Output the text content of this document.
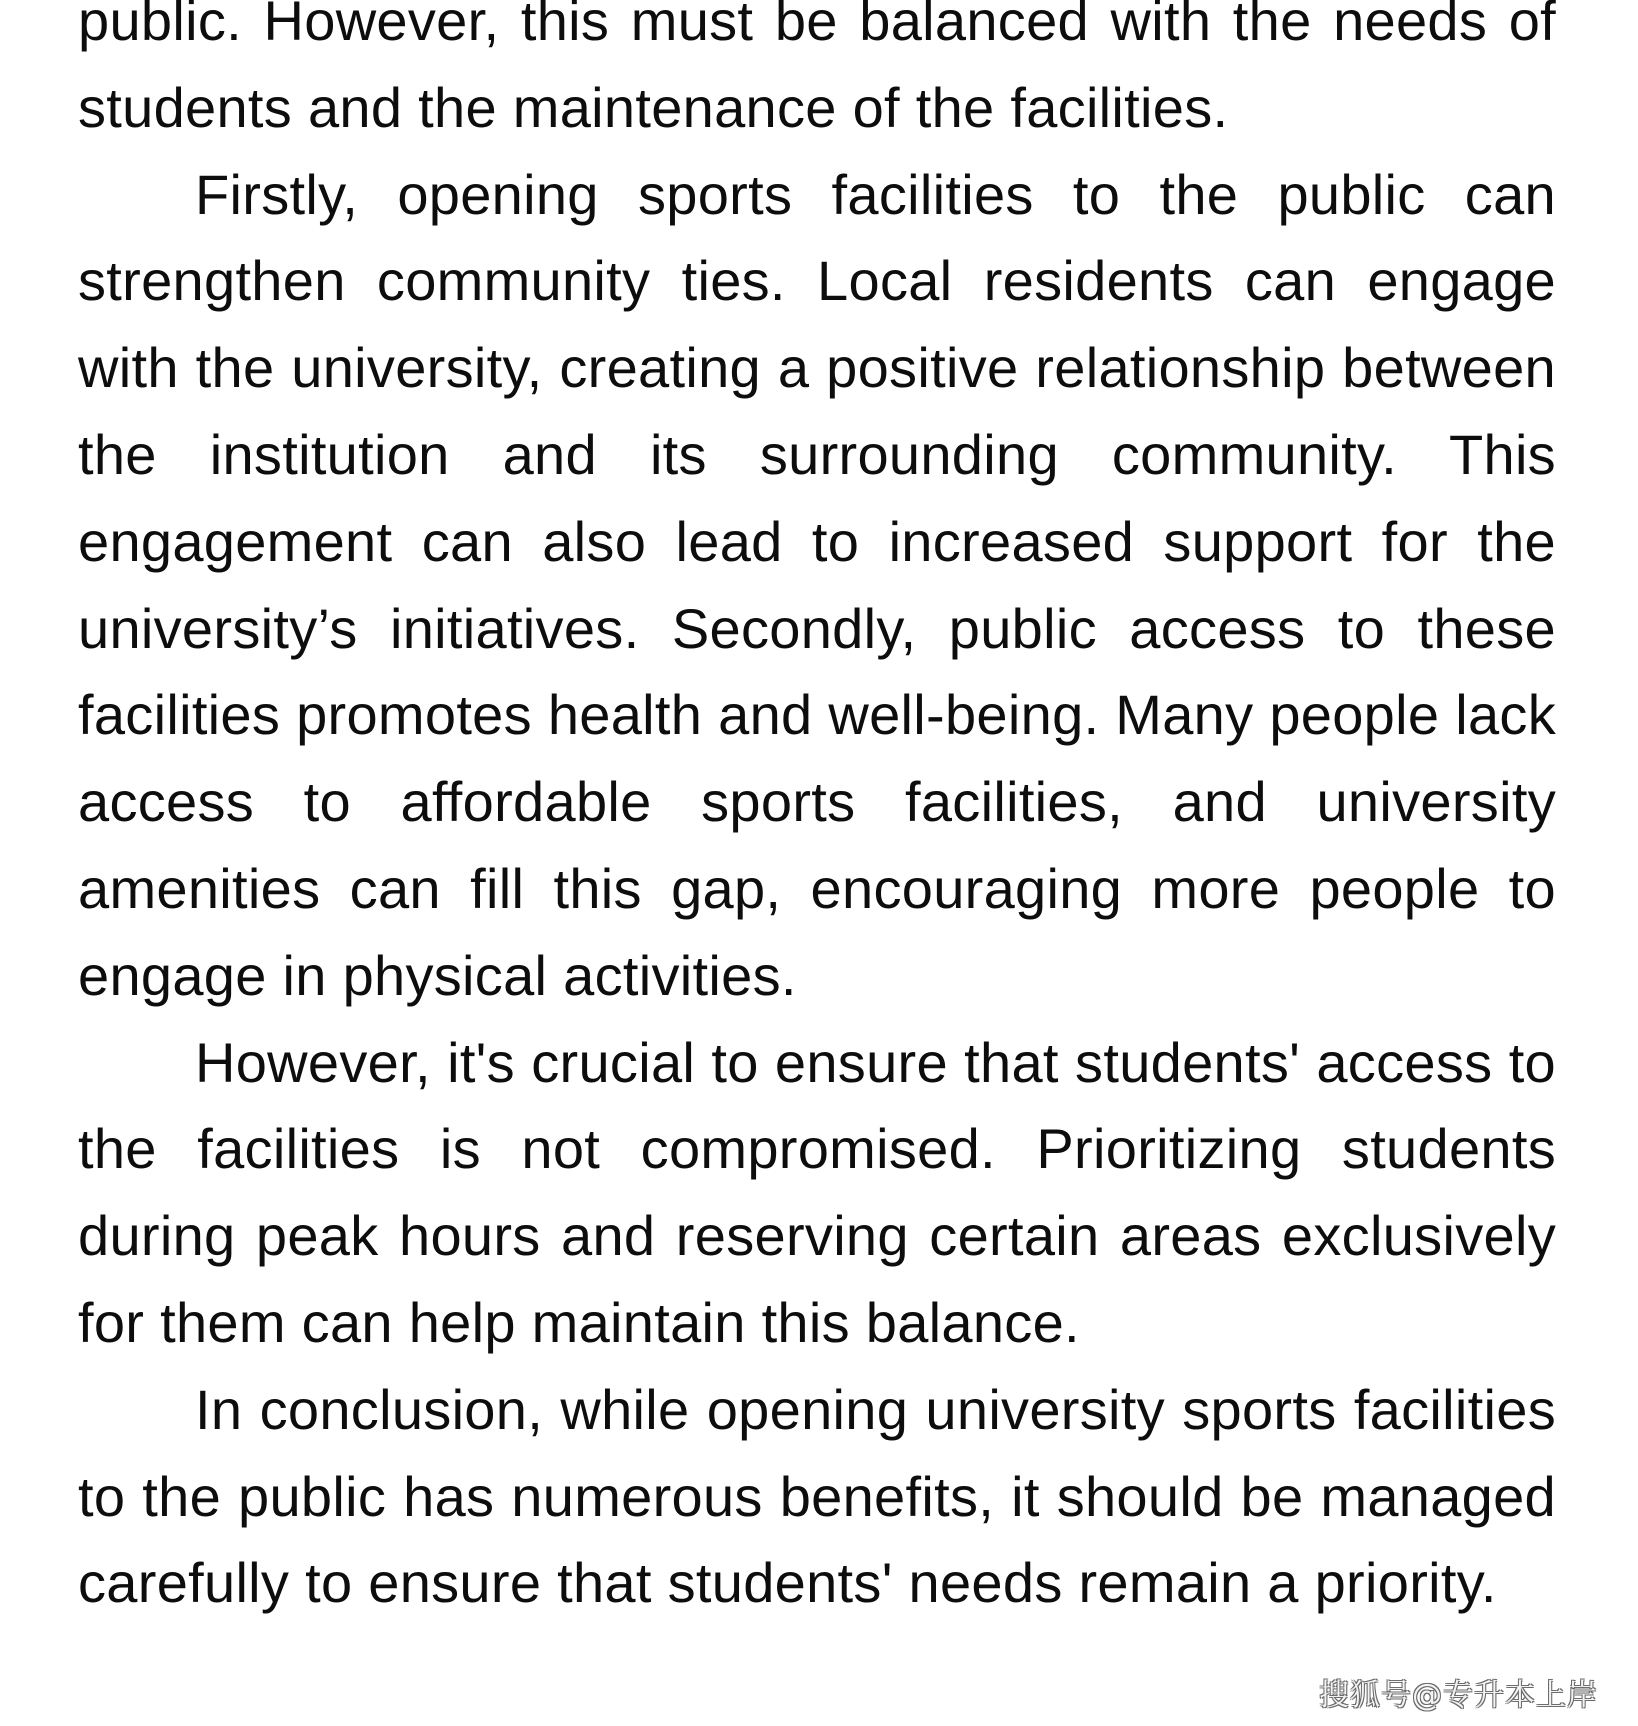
public. However, this must be balanced with the needs of students and the maintenance of the facilities.

Firstly, opening sports facilities to the public can strengthen community ties. Local residents can engage with the university, creating a positive relationship between the institution and its surrounding community. This engagement can also lead to increased support for the university’s initiatives. Secondly, public access to these facilities promotes health and well-being. Many people lack access to affordable sports facilities, and university amenities can fill this gap, encouraging more people to engage in physical activities.

However, it's crucial to ensure that students' access to the facilities is not compromised. Prioritizing students during peak hours and reserving certain areas exclusively for them can help maintain this balance.

In conclusion, while opening university sports facilities to the public has numerous benefits, it should be managed carefully to ensure that students' needs remain a priority.

搜狐号@专升本上岸
